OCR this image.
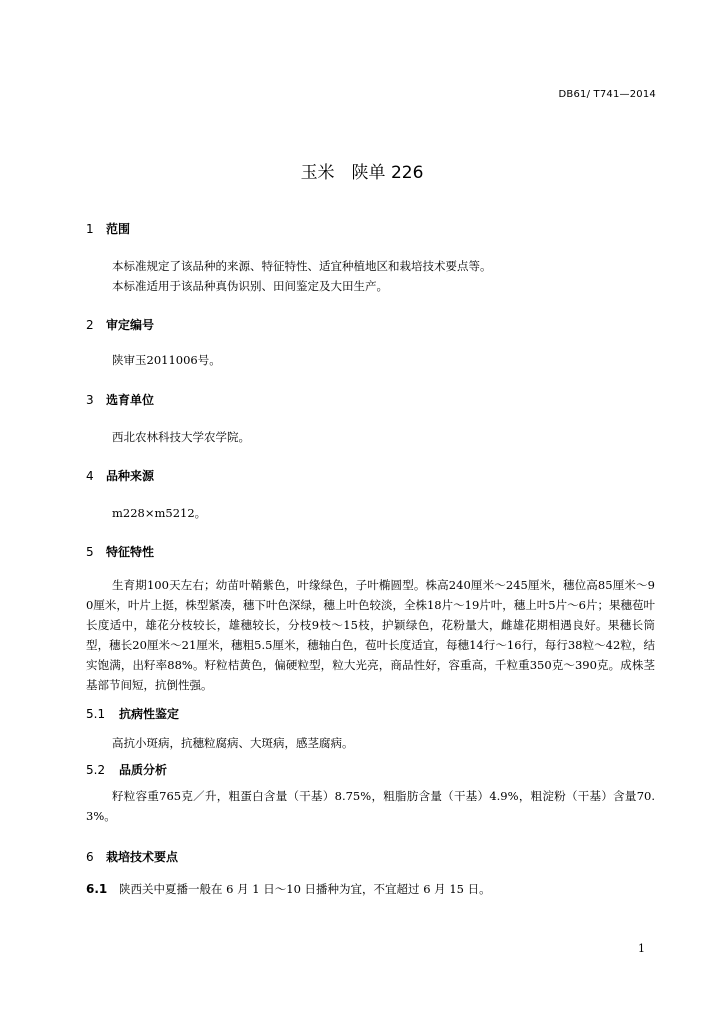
DB61/ T741—2014
玉米　陕单 226
1 范围
本标准规定了该品种的来源、特征特性、适宜种植地区和栽培技术要点等。
本标准适用于该品种真伪识别、田间鉴定及大田生产。
2 审定编号
陕审玉2011006号。
3 选育单位
西北农林科技大学农学院。
4 品种来源
m228×m5212。
5 特征特性

生育期100天左右；幼苗叶鞘紫色，叶缘绿色，子叶椭圆型。株高240厘米～245厘米，穗位高85厘米～90厘米，叶片上挺，株型紧凑，穗下叶色深绿，穗上叶色较淡，全株18片～19片叶，穗上叶5片～6片；果穗苞叶长度适中，雄花分枝较长，雄穗较长，分枝9枝～15枝，护颖绿色，花粉量大，雌雄花期相遇良好。果穗长筒型，穗长20厘米～21厘米，穗粗5.5厘米，穗轴白色，苞叶长度适宜，每穗14行～16行，每行38粒～42粒，结实饱满，出籽率88%。籽粒桔黄色，偏硬粒型，粒大光亮，商品性好，容重高，千粒重350克～390克。成株茎基部节间短，抗倒性强。

5.1 抗病性鉴定
高抗小斑病，抗穗粒腐病、大斑病，感茎腐病。
5.2 品质分析

籽粒容重765克／升，粗蛋白含量（干基）8.75%，粗脂肪含量（干基）4.9%，粗淀粉（干基）含量70.3%。

6 栽培技术要点
6.1 陕西关中夏播一般在 6 月 1 日～10 日播种为宜，不宜超过 6 月 15 日。
1
